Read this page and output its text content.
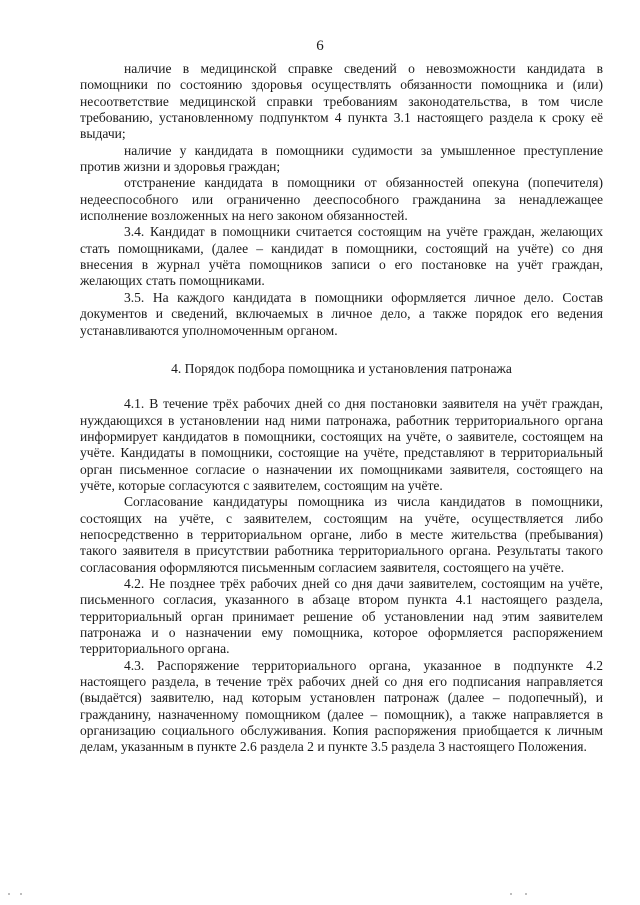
6

наличие в медицинской справке сведений о невозможности кандидата в помощники по состоянию здоровья осуществлять обязанности помощника и (или) несоответствие медицинской справки требованиям законодательства, в том числе требованию, установленному подпунктом 4 пункта 3.1 настоящего раздела к сроку её выдачи;

наличие у кандидата в помощники судимости за умышленное преступление против жизни и здоровья граждан;

отстранение кандидата в помощники от обязанностей опекуна (попечителя) недееспособного или ограниченно дееспособного гражданина за ненадлежащее исполнение возложенных на него законом обязанностей.

3.4. Кандидат в помощники считается состоящим на учёте граждан, желающих стать помощниками, (далее – кандидат в помощники, состоящий на учёте) со дня внесения в журнал учёта помощников записи о его постановке на учёт граждан, желающих стать помощниками.

3.5. На каждого кандидата в помощники оформляется личное дело. Состав документов и сведений, включаемых в личное дело, а также порядок его ведения устанавливаются уполномоченным органом.

4. Порядок подбора помощника и установления патронажа

4.1. В течение трёх рабочих дней со дня постановки заявителя на учёт граждан, нуждающихся в установлении над ними патронажа, работник территориального органа информирует кандидатов в помощники, состоящих на учёте, о заявителе, состоящем на учёте. Кандидаты в помощники, состоящие на учёте, представляют в территориальный орган письменное согласие о назначении их помощниками заявителя, состоящего на учёте, которые согласуются с заявителем, состоящим на учёте.

Согласование кандидатуры помощника из числа кандидатов в помощники, состоящих на учёте, с заявителем, состоящим на учёте, осуществляется либо непосредственно в территориальном органе, либо в месте жительства (пребывания) такого заявителя в присутствии работника территориального органа. Результаты такого согласования оформляются письменным согласием заявителя, состоящего на учёте.

4.2. Не позднее трёх рабочих дней со дня дачи заявителем, состоящим на учёте, письменного согласия, указанного в абзаце втором пункта 4.1 настоящего раздела, территориальный орган принимает решение об установлении над этим заявителем патронажа и о назначении ему помощника, которое оформляется распоряжением территориального органа.

4.3. Распоряжение территориального органа, указанное в подпункте 4.2 настоящего раздела, в течение трёх рабочих дней со дня его подписания направляется (выдаётся) заявителю, над которым установлен патронаж (далее – подопечный), и гражданину, назначенному помощником (далее – помощник), а также направляется в организацию социального обслуживания. Копия распоряжения приобщается к личным делам, указанным в пункте 2.6 раздела 2 и пункте 3.5 раздела 3 настоящего Положения.
